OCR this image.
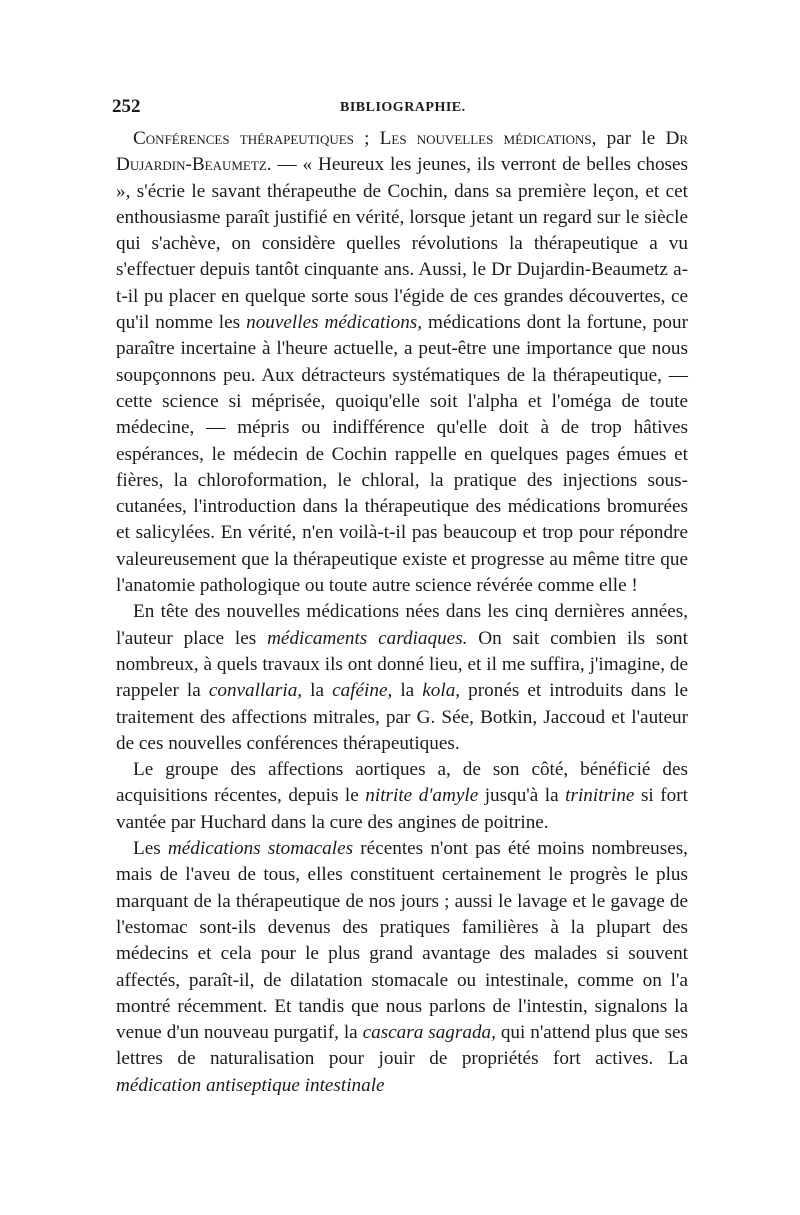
252	BIBLIOGRAPHIE.

Conférences thérapeutiques ; Les nouvelles médications, par le Dr Dujardin-Beaumetz. — « Heureux les jeunes, ils verront de belles choses », s'écrie le savant thérapeuthe de Cochin, dans sa première leçon, et cet enthousiasme paraît justifié en vérité, lorsque jetant un regard sur le siècle qui s'achève, on considère quelles révolutions la thérapeutique a vu s'effectuer depuis tantôt cinquante ans. Aussi, le Dr Dujardin-Beaumetz a-t-il pu placer en quelque sorte sous l'égide de ces grandes découvertes, ce qu'il nomme les nouvelles médications, médications dont la fortune, pour paraître incertaine à l'heure actuelle, a peut-être une importance que nous soupçonnons peu. Aux détracteurs systématiques de la thérapeutique, — cette science si méprisée, quoiqu'elle soit l'alpha et l'oméga de toute médecine, — mépris ou indifférence qu'elle doit à de trop hâtives espérances, le médecin de Cochin rappelle en quelques pages émues et fières, la chloroformation, le chloral, la pratique des injections sous-cutanées, l'introduction dans la thérapeutique des médications bromurées et salicylées. En vérité, n'en voilà-t-il pas beaucoup et trop pour répondre valeureusement que la thérapeutique existe et progresse au même titre que l'anatomie pathologique ou toute autre science révérée comme elle !

En tête des nouvelles médications nées dans les cinq dernières années, l'auteur place les médicaments cardiaques. On sait combien ils sont nombreux, à quels travaux ils ont donné lieu, et il me suffira, j'imagine, de rappeler la convallaria, la caféine, la kola, pronés et introduits dans le traitement des affections mitrales, par G. Sée, Botkin, Jaccoud et l'auteur de ces nouvelles conférences thérapeutiques.

Le groupe des affections aortiques a, de son côté, bénéficié des acquisitions récentes, depuis le nitrite d'amyle jusqu'à la trinitrine si fort vantée par Huchard dans la cure des angines de poitrine.

Les médications stomacales récentes n'ont pas été moins nombreuses, mais de l'aveu de tous, elles constituent certainement le progrès le plus marquant de la thérapeutique de nos jours ; aussi le lavage et le gavage de l'estomac sont-ils devenus des pratiques familières à la plupart des médecins et cela pour le plus grand avantage des malades si souvent affectés, paraît-il, de dilatation stomacale ou intestinale, comme on l'a montré récemment. Et tandis que nous parlons de l'intestin, signalons la venue d'un nouveau purgatif, la cascara sagrada, qui n'attend plus que ses lettres de naturalisation pour jouir de propriétés fort actives. La médication antiseptique intestinale
